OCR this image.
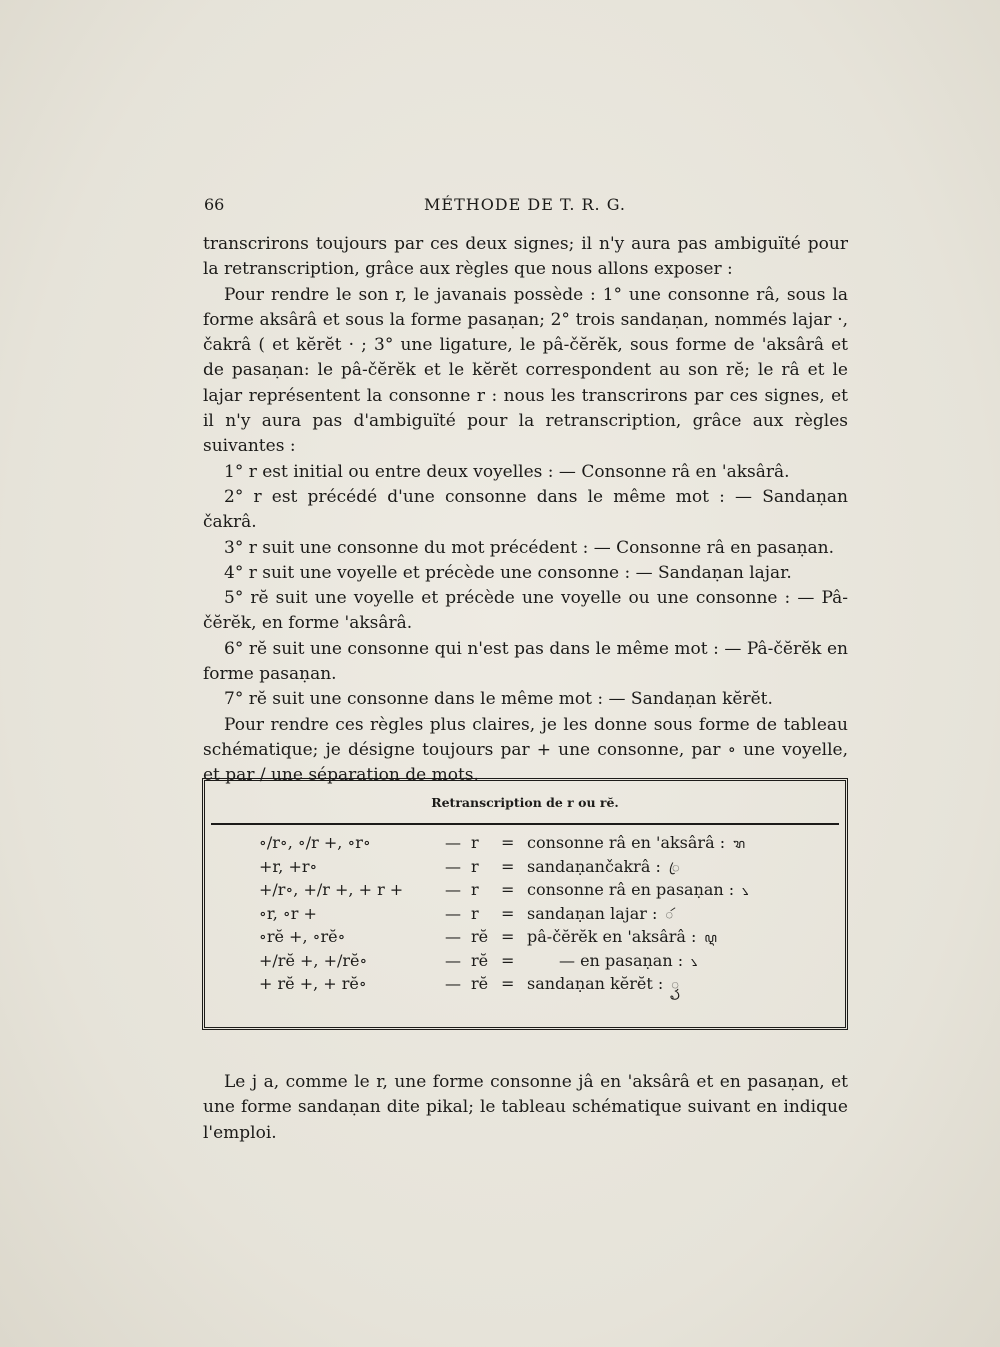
66	MÉTHODE DE T. R. G.

transcrirons toujours par ces deux signes; il n'y aura pas ambiguïté pour la retranscription, grâce aux règles que nous allons exposer :

Pour rendre le son r, le javanais possède : 1° une consonne râ, sous la forme aksârâ et sous la forme pasaṇan; 2° trois sandaṇan, nommés lajar ·, čakrâ ( et kĕrĕt · ; 3° une ligature, le pâ-čĕrĕk, sous forme de 'aksârâ et de pasaṇan: le pâ-čĕrĕk et le kĕrĕt correspondent au son rĕ; le râ et le lajar représentent la consonne r : nous les transcrirons par ces signes, et il n'y aura pas d'ambiguïté pour la retranscription, grâce aux règles suivantes :

1° r est initial ou entre deux voyelles : — Consonne râ en 'aksârâ.

2° r est précédé d'une consonne dans le même mot : — Sandaṇan čakrâ.

3° r suit une consonne du mot précédent : — Consonne râ en pasaṇan.

4° r suit une voyelle et précède une consonne : — Sandaṇan lajar.

5° rĕ suit une voyelle et précède une voyelle ou une consonne : — Pâ-čĕrĕk, en forme 'aksârâ.

6° rĕ suit une consonne qui n'est pas dans le même mot : — Pâ-čĕrĕk en forme pasaṇan.

7° rĕ suit une consonne dans le même mot : — Sandaṇan kĕrĕt.

Pour rendre ces règles plus claires, je les donne sous forme de tableau schématique; je désigne toujours par + une consonne, par ∘ une voyelle, et par / une séparation de mots.

Retranscription de r ou rĕ.
∘/r∘, ∘/r +, ∘r∘	— r = consonne râ en 'aksârâ : ꦫ
+r, +r∘	— r = sandaṇančakrâ : ꦿ
+/r∘, +/r +, + r +	— r = consonne râ en pasaṇan : ꧈
∘r, ∘r +	— r = sandaṇan lajar : ꦂ
∘rĕ +, ∘rĕ∘	— rĕ = pâ-čĕrĕk en 'aksârâ : ꦉ
+/rĕ +, +/rĕ∘	— rĕ =	— en pasaṇan : ꧈
+ rĕ +, + rĕ∘	— rĕ = sandaṇan kĕrĕt : ꦽ

Le j a, comme le r, une forme consonne jâ en 'aksârâ et en pasaṇan, et une forme sandaṇan dite pikal; le tableau schématique suivant en indique l'emploi.
